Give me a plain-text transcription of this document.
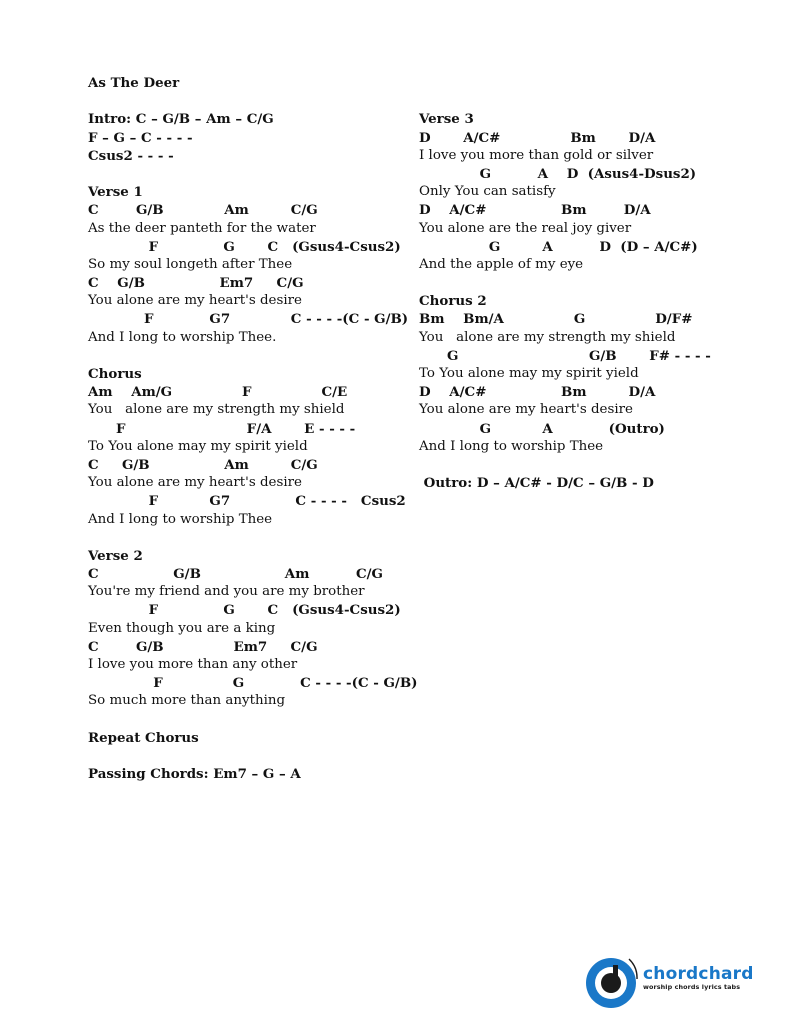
As The Deer
Intro: C – G/B – Am – C/G
F – G – C - - - -
Csus2 - - - -
Verse 1
C        G/B             Am         C/G
As the deer panteth for the water
F              G       C   (Gsus4-Csus2)
So my soul longeth after Thee
C    G/B                Em7     C/G
You alone are my heart's desire
F            G7             C - - - -(C - G/B)
And I long to worship Thee.
Chorus
Am    Am/G               F               C/E
You   alone are my strength my shield
F                          F/A       E - - - -
To You alone may my spirit yield
C     G/B                Am         C/G
You alone are my heart's desire
F           G7              C - - - -   Csus2
And I long to worship Thee
Verse 2
C                G/B                  Am          C/G
You're my friend and you are my brother
F              G       C   (Gsus4-Csus2)
Even though you are a king
C        G/B               Em7     C/G
I love you more than any other
F               G            C - - - -(C - G/B)
So much more than anything
Repeat Chorus
Passing Chords: Em7 – G – A
Verse 3
D       A/C#               Bm       D/A
I love you more than gold or silver
G          A    D  (Asus4-Dsus2)
Only You can satisfy
D    A/C#                Bm        D/A
You alone are the real joy giver
G         A          D  (D – A/C#)
And the apple of my eye
Chorus 2
Bm    Bm/A               G               D/F#
You   alone are my strength my shield
G                            G/B       F# - - - -
To You alone may my spirit yield
D    A/C#                Bm         D/A
You alone are my heart's desire
G           A            (Outro)
And I long to worship Thee
Outro: D – A/C# - D/C – G/B - D
chordchard
worship chords lyrics tabs
